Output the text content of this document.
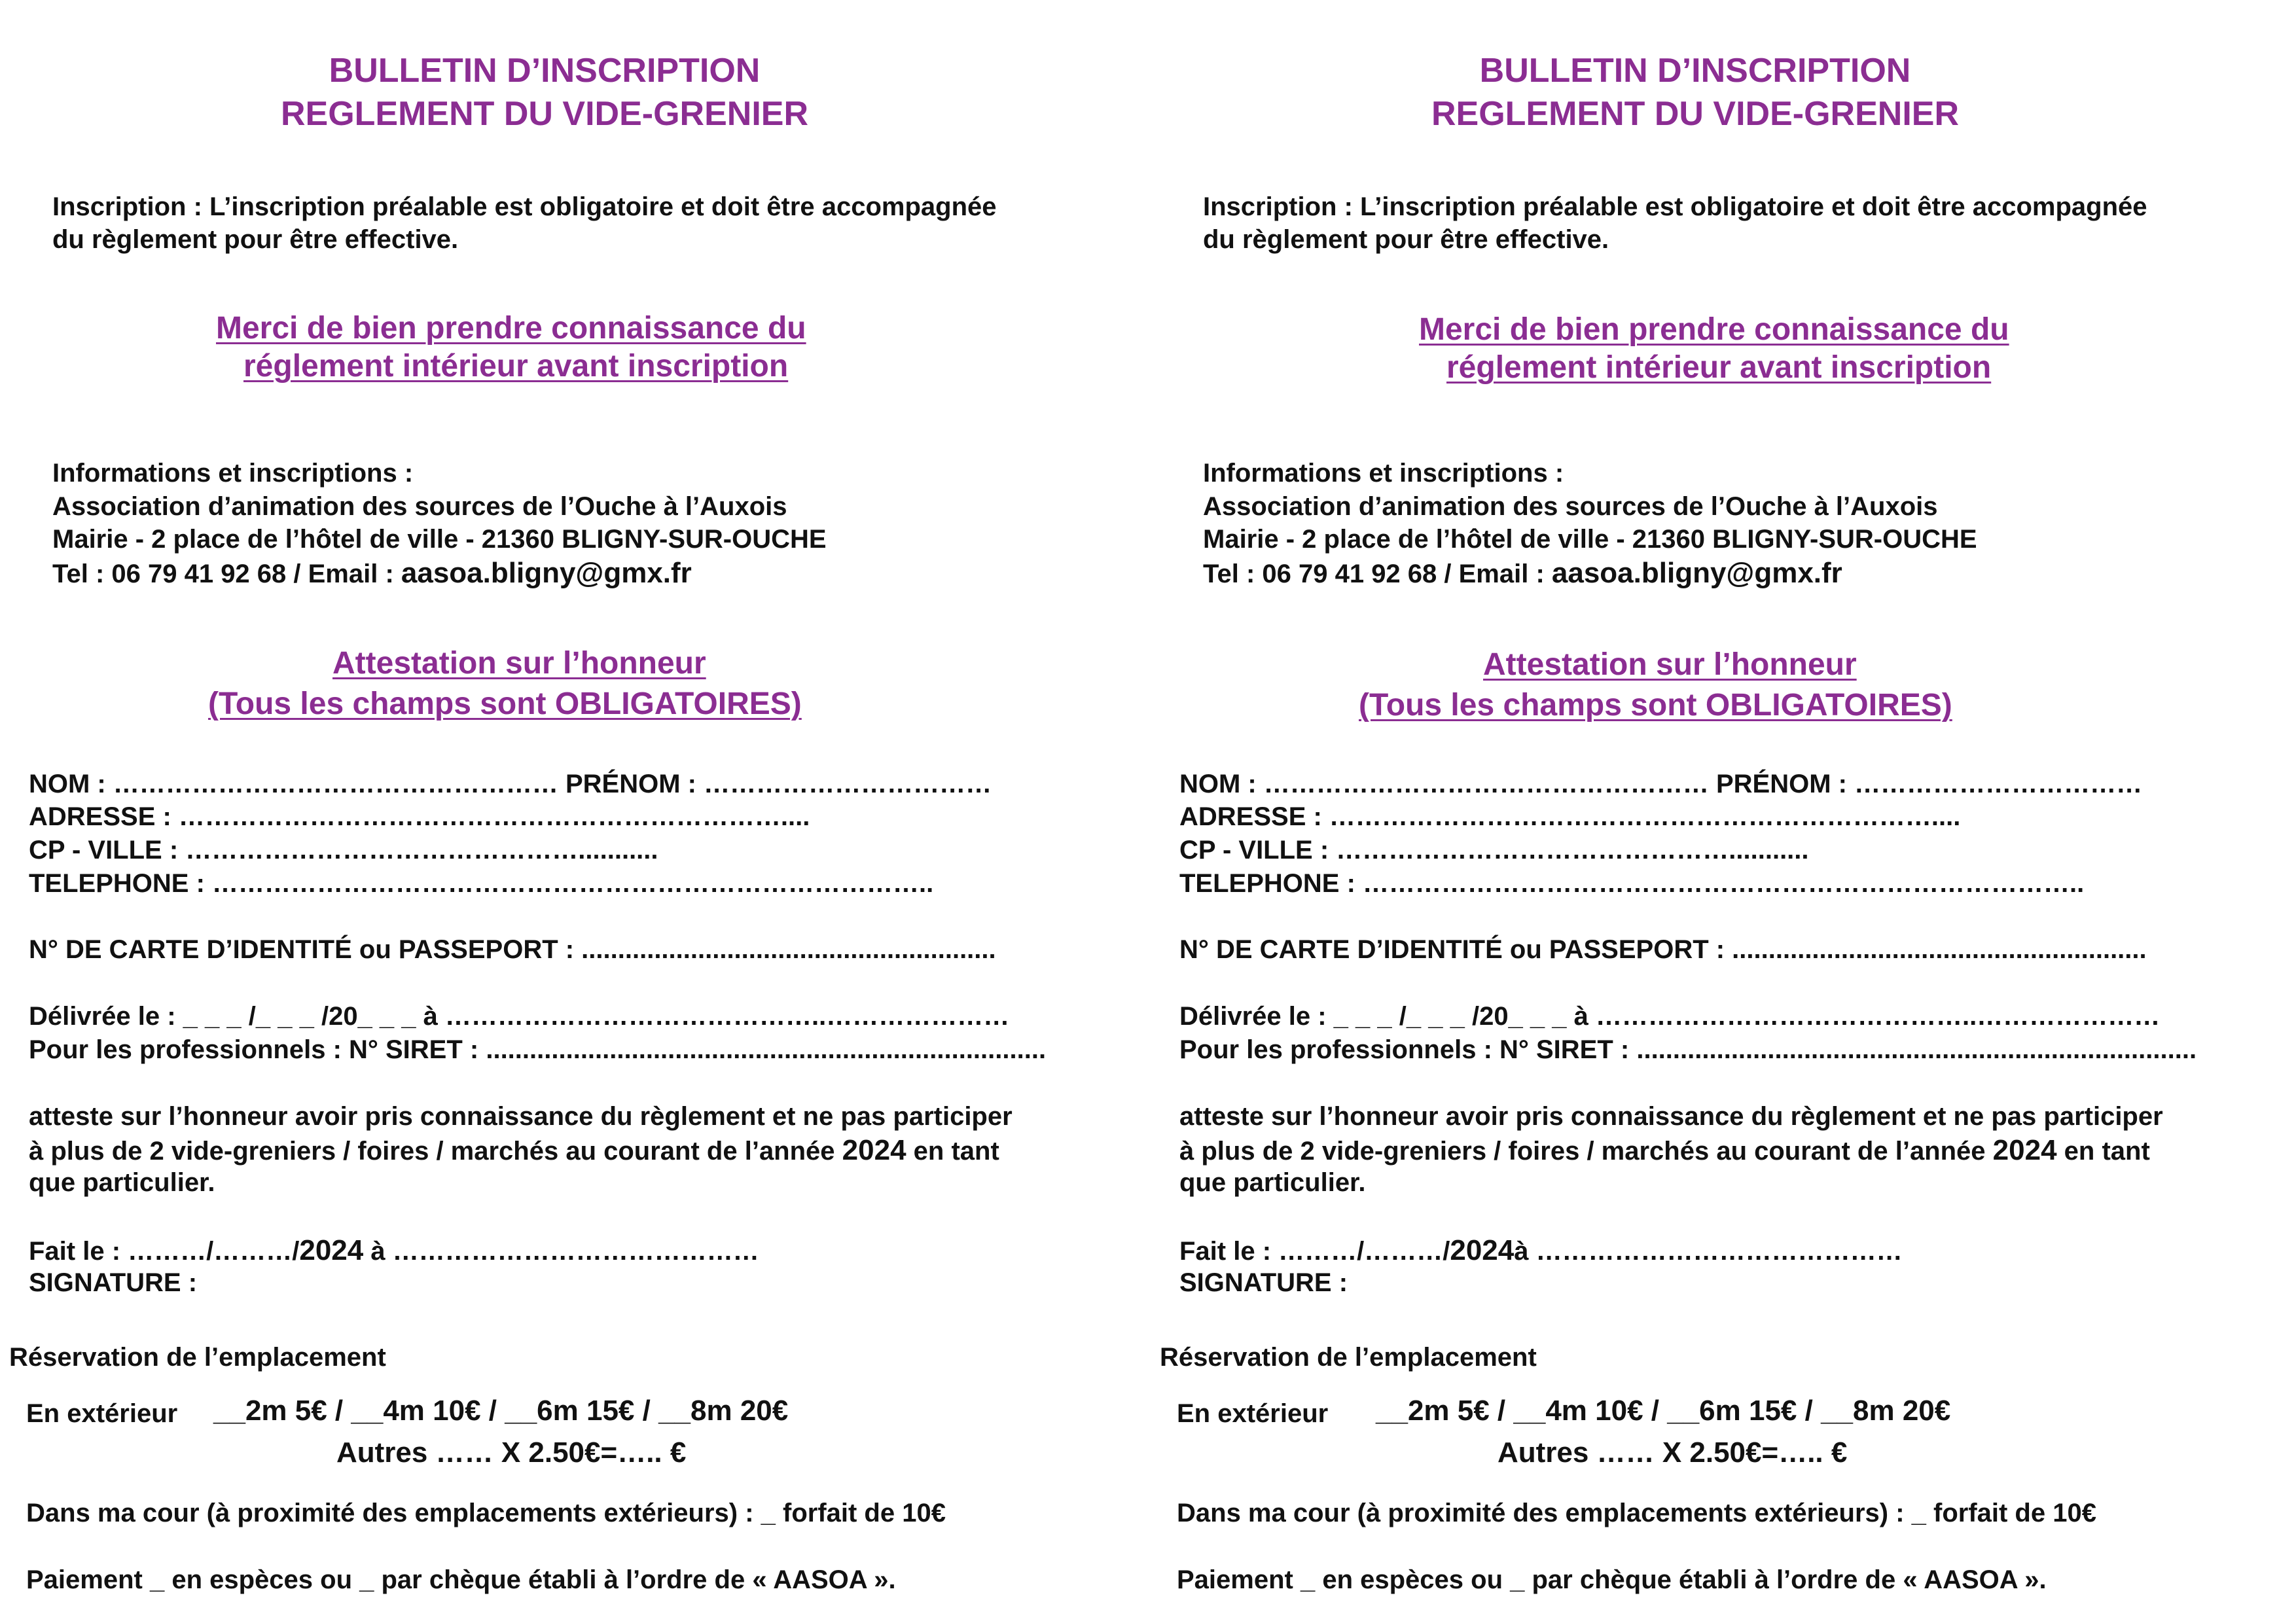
BULLETIN D’INSCRIPTION
REGLEMENT DU VIDE-GRENIER
Inscription : L’inscription préalable est obligatoire et doit être accompagnée
du règlement pour être effective.
Merci de bien prendre connaissance du
réglement intérieur avant inscription
Informations et inscriptions :
Association d’animation des sources de l’Ouche à l’Auxois
Mairie - 2 place de l’hôtel de ville - 21360 BLIGNY-SUR-OUCHE
Tel : 06 79 41 92 68 / Email : aasoa.bligny@gmx.fr
Attestation sur l’honneur
(Tous les champs sont OBLIGATOIRES)
NOM : …………………………………………… PRÉNOM : ……………………………
ADRESSE : ……………………………………………………………....
CP - VILLE : ………………………………………...........
TELEPHONE : ………………………………………………………………………..
N° DE CARTE D’IDENTITÉ ou PASSEPORT : .........................................................
Délivrée le : _ _ _ /_ _ _ /20_ _ _ à ……………………………………..…………………
Pour les professionnels : N° SIRET : .............................................................................
atteste sur l’honneur avoir pris connaissance du règlement et ne pas participer
à plus de 2 vide-greniers / foires / marchés au courant de l’année 2024 en tant
que particulier.
Fait le : ………/………/2024 à ……………………………………
SIGNATURE :
Réservation de l’emplacement
En extérieur __2m 5€ / __4m 10€ / __6m 15€ / __8m 20€
Autres …… X 2.50€=….. €
Dans ma cour (à proximité des emplacements extérieurs) : _ forfait de 10€
Paiement _ en espèces ou _ par chèque établi à l’ordre de « AASOA ».
BULLETIN D’INSCRIPTION
REGLEMENT DU VIDE-GRENIER
Inscription : L’inscription préalable est obligatoire et doit être accompagnée
du règlement pour être effective.
Merci de bien prendre connaissance du
réglement intérieur avant inscription
Informations et inscriptions :
Association d’animation des sources de l’Ouche à l’Auxois
Mairie - 2 place de l’hôtel de ville - 21360 BLIGNY-SUR-OUCHE
Tel : 06 79 41 92 68 / Email : aasoa.bligny@gmx.fr
Attestation sur l’honneur
(Tous les champs sont OBLIGATOIRES)
NOM : …………………………………………… PRÉNOM : ……………………………
ADRESSE : ……………………………………………………………....
CP - VILLE : ………………………………………...........
TELEPHONE : ………………………………………………………………………..
N° DE CARTE D’IDENTITÉ ou PASSEPORT : .........................................................
Délivrée le : _ _ _ /_ _ _ /20_ _ _ à ……………………………………..…………………
Pour les professionnels : N° SIRET : .............................................................................
atteste sur l’honneur avoir pris connaissance du règlement et ne pas participer
à plus de 2 vide-greniers / foires / marchés au courant de l’année 2024 en tant
que particulier.
Fait le : ………/………/2024à ……………………………………
SIGNATURE :
Réservation de l’emplacement
En extérieur __2m 5€ / __4m 10€ / __6m 15€ / __8m 20€
Autres …… X 2.50€=….. €
Dans ma cour (à proximité des emplacements extérieurs) : _ forfait de 10€
Paiement _ en espèces ou _ par chèque établi à l’ordre de « AASOA ».
